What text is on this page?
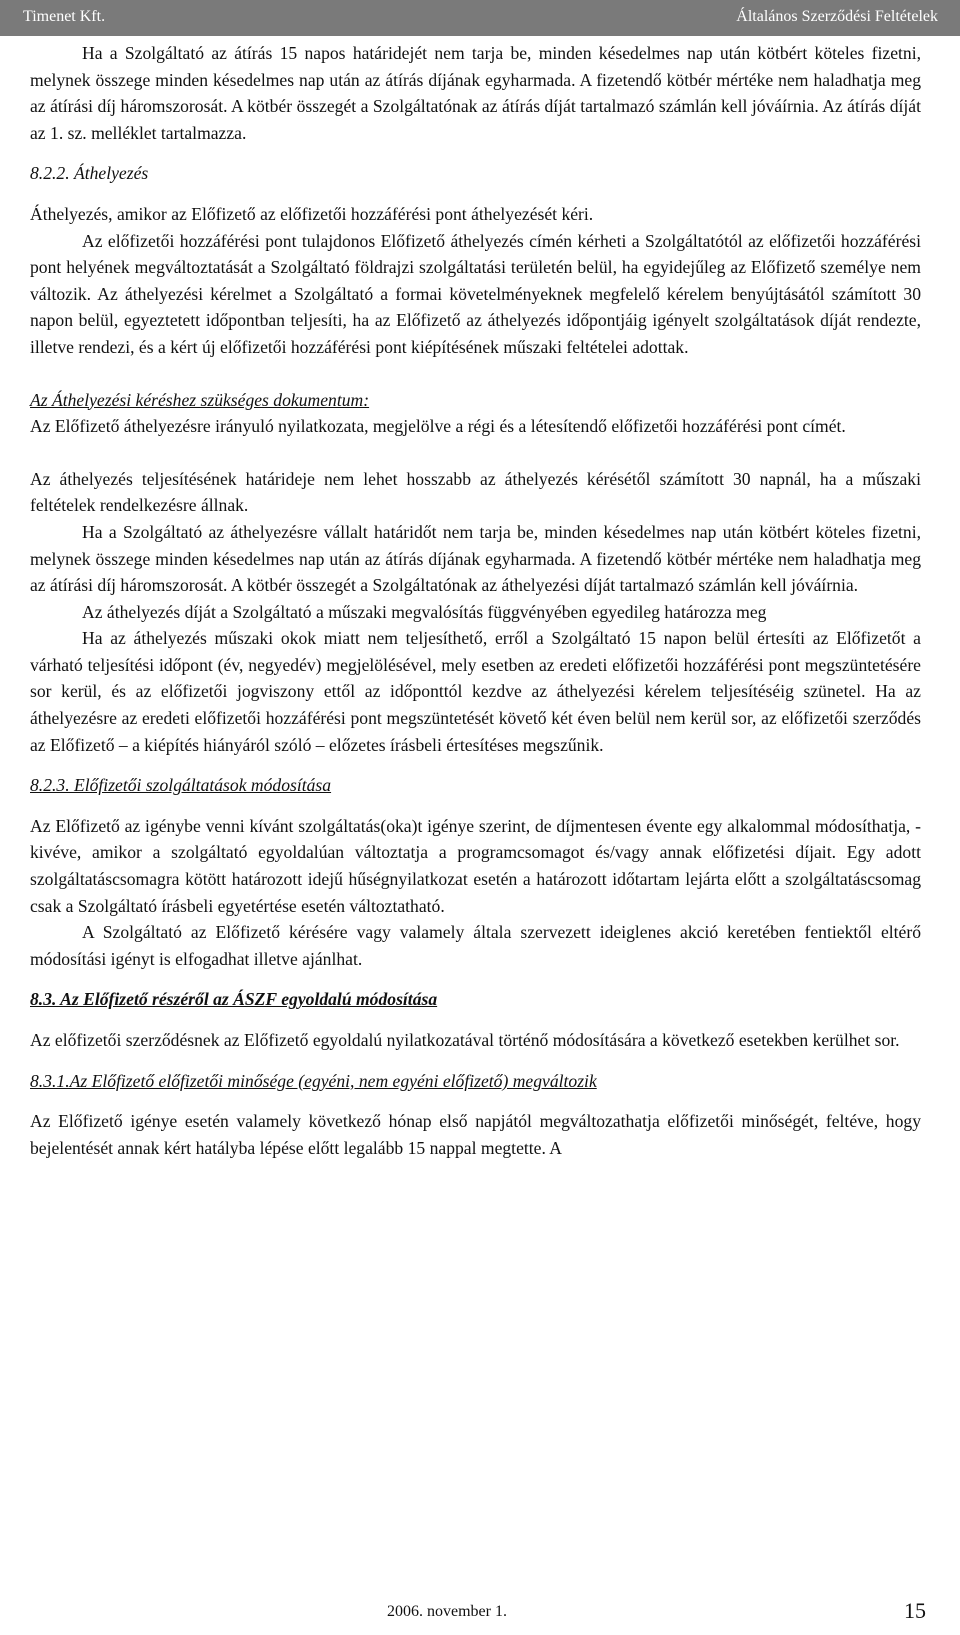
Timenet Kft.	Általános Szerződési Feltételek

Ha a Szolgáltató az átírás 15 napos határidejét nem tarja be, minden késedelmes nap után kötbért köteles fizetni, melynek összege minden késedelmes nap után az átírás díjának egyharmada. A fizetendő kötbér mértéke nem haladhatja meg az átírási díj háromszorosát. A kötbér összegét a Szolgáltatónak az átírás díját tartalmazó számlán kell jóváírnia. Az átírás díját az 1. sz. melléklet tartalmazza.

8.2.2. Áthelyezés

Áthelyezés, amikor az Előfizető az előfizetői hozzáférési pont áthelyezését kéri.

Az előfizetői hozzáférési pont tulajdonos Előfizető áthelyezés címén kérheti a Szolgáltatótól az előfizetői hozzáférési pont helyének megváltoztatását a Szolgáltató földrajzi szolgáltatási területén belül, ha egyidejűleg az Előfizető személye nem változik. Az áthelyezési kérelmet a Szolgáltató a formai követelményeknek megfelelő kérelem benyújtásától számított 30 napon belül, egyeztetett időpontban teljesíti, ha az Előfizető az áthelyezés időpontjáig igényelt szolgáltatások díját rendezte, illetve rendezi, és a kért új előfizetői hozzáférési pont kiépítésének műszaki feltételei adottak.

Az Áthelyezési kéréshez szükséges dokumentum:

Az Előfizető áthelyezésre irányuló nyilatkozata, megjelölve a régi és a létesítendő előfizetői hozzáférési pont címét.

Az áthelyezés teljesítésének határideje nem lehet hosszabb az áthelyezés kérésétől számított 30 napnál, ha a műszaki feltételek rendelkezésre állnak.

Ha a Szolgáltató az áthelyezésre vállalt határidőt nem tarja be, minden késedelmes nap után kötbért köteles fizetni, melynek összege minden késedelmes nap után az átírás díjának egyharmada. A fizetendő kötbér mértéke nem haladhatja meg az átírási díj háromszorosát. A kötbér összegét a Szolgáltatónak az áthelyezési díját tartalmazó számlán kell jóváírnia.

Az áthelyezés díját a Szolgáltató a műszaki megvalósítás függvényében egyedileg határozza meg

Ha az áthelyezés műszaki okok miatt nem teljesíthető, erről a Szolgáltató 15 napon belül értesíti az Előfizetőt a várható teljesítési időpont (év, negyedév) megjelölésével, mely esetben az eredeti előfizetői hozzáférési pont megszüntetésére sor kerül, és az előfizetői jogviszony ettől az időponttól kezdve az áthelyezési kérelem teljesítéséig szünetel. Ha az áthelyezésre az eredeti előfizetői hozzáférési pont megszüntetését követő két éven belül nem kerül sor, az előfizetői szerződés az Előfizető – a kiépítés hiányáról szóló – előzetes írásbeli értesítéses megszűnik.

8.2.3. Előfizetői szolgáltatások módosítása

Az Előfizető az igénybe venni kívánt szolgáltatás(oka)t igénye szerint, de díjmentesen évente egy alkalommal módosíthatja, - kivéve, amikor a szolgáltató egyoldalúan változtatja a programcsomagot és/vagy annak előfizetési díjait. Egy adott szolgáltatáscsomagra kötött határozott idejű hűségnyilatkozat esetén a határozott időtartam lejárta előtt a szolgáltatáscsomag csak a Szolgáltató írásbeli egyetértése esetén változtatható.

A Szolgáltató az Előfizető kérésére vagy valamely általa szervezett ideiglenes akció keretében fentiektől eltérő módosítási igényt is elfogadhat illetve ajánlhat.

8.3. Az Előfizető részéről az ÁSZF egyoldalú módosítása

Az előfizetői szerződésnek az Előfizető egyoldalú nyilatkozatával történő módosítására a következő esetekben kerülhet sor.

8.3.1.Az Előfizető előfizetői minősége (egyéni, nem egyéni előfizető) megváltozik

Az Előfizető igénye esetén valamely következő hónap első napjától megváltozathatja előfizetői minőségét, feltéve, hogy bejelentését annak kért hatályba lépése előtt legalább 15 nappal megtette. A

2006. november 1.	15
